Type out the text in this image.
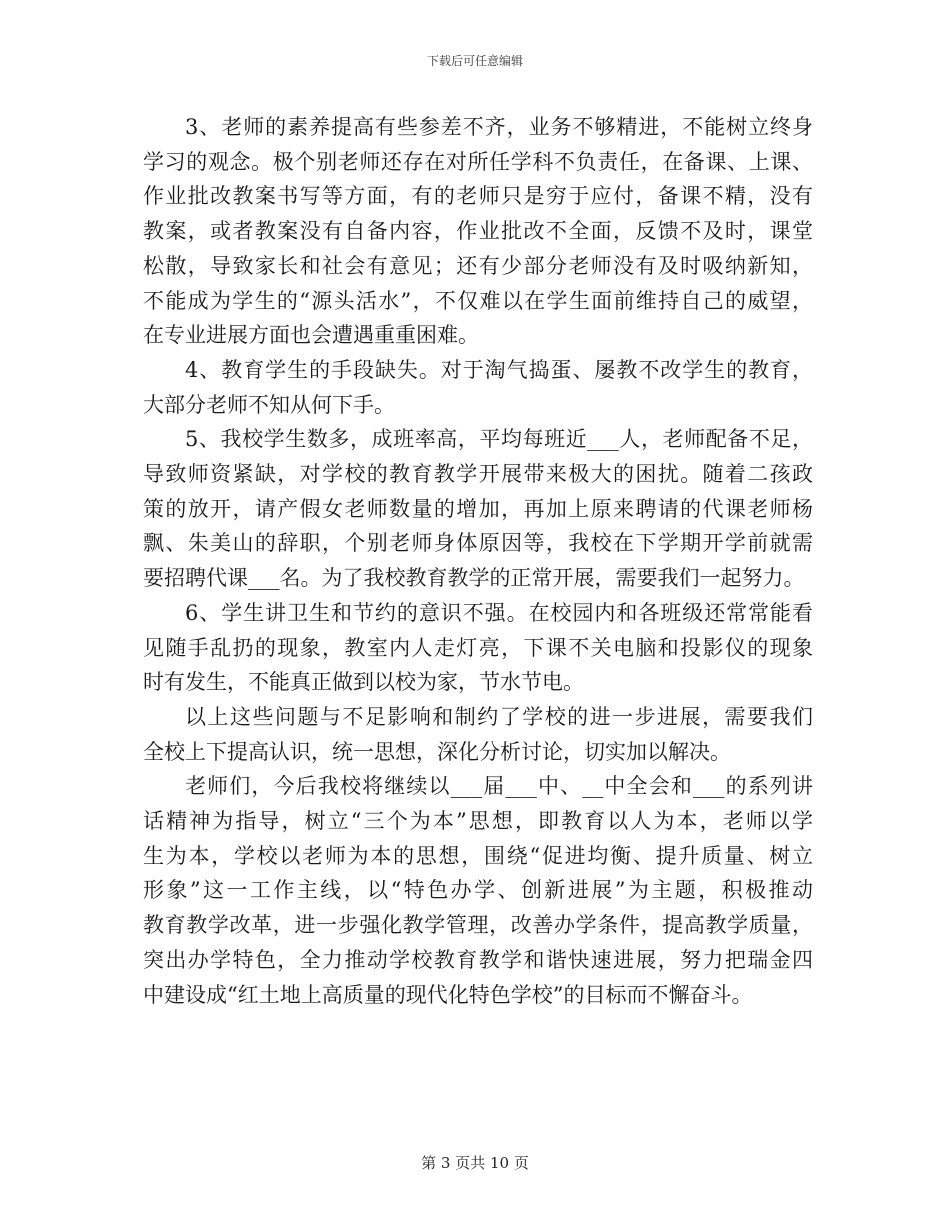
下载后可任意编辑
3、老师的素养提高有些参差不齐，业务不够精进，不能树立终身
学习的观念。极个别老师还存在对所任学科不负责任，在备课、上课、
作业批改教案书写等方面，有的老师只是穷于应付，备课不精，没有
教案，或者教案没有自备内容，作业批改不全面，反馈不及时，课堂
松散，导致家长和社会有意见；还有少部分老师没有及时吸纳新知，
不能成为学生的“源头活水”，不仅难以在学生面前维持自己的威望，
在专业进展方面也会遭遇重重困难。
4、教育学生的手段缺失。对于淘气捣蛋、屡教不改学生的教育，
大部分老师不知从何下手。
5、我校学生数多，成班率高，平均每班近___人，老师配备不足，
导致师资紧缺，对学校的教育教学开展带来极大的困扰。随着二孩政
策的放开，请产假女老师数量的增加，再加上原来聘请的代课老师杨
飘、朱美山的辞职，个别老师身体原因等，我校在下学期开学前就需
要招聘代课___名。为了我校教育教学的正常开展，需要我们一起努力。
6、学生讲卫生和节约的意识不强。在校园内和各班级还常常能看
见随手乱扔的现象，教室内人走灯亮，下课不关电脑和投影仪的现象
时有发生，不能真正做到以校为家，节水节电。
以上这些问题与不足影响和制约了学校的进一步进展，需要我们
全校上下提高认识，统一思想，深化分析讨论，切实加以解决。
老师们，今后我校将继续以___届___中、__中全会和___的系列讲
话精神为指导，树立“三个为本”思想，即教育以人为本，老师以学
生为本，学校以老师为本的思想，围绕“促进均衡、提升质量、树立
形象”这一工作主线，以“特色办学、创新进展”为主题，积极推动
教育教学改革，进一步强化教学管理，改善办学条件，提高教学质量，
突出办学特色，全力推动学校教育教学和谐快速进展，努力把瑞金四
中建设成“红土地上高质量的现代化特色学校”的目标而不懈奋斗。
第 3 页共 10 页
